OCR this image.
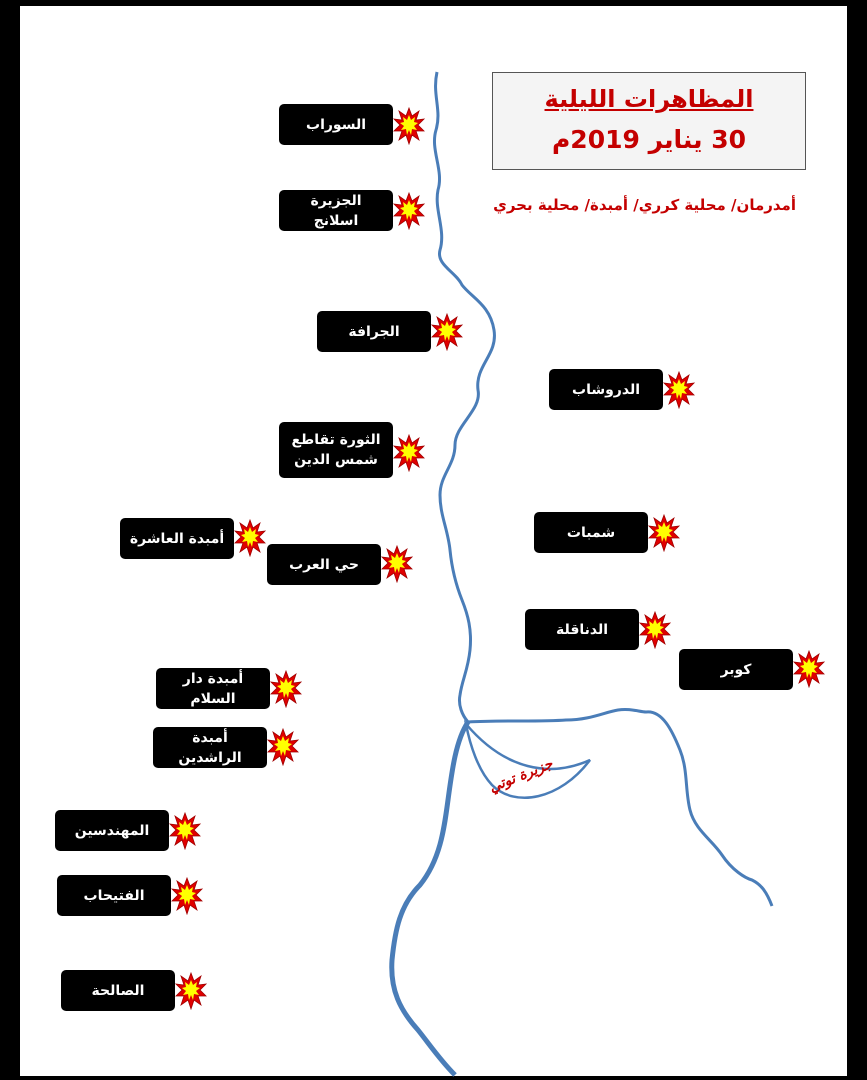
المظاهرات الليلية
30 يناير 2019م
أمدرمان/ محلية كرري/ أمبدة/ محلية بحري
جزيرة توتي
السوراب
الجزيرة اسلانج
الجرافة
الدروشاب
الثورة تقاطع
شمس الدين
شمبات
أمبدة العاشرة
حي العرب
الدناقلة
كوبر
أمبدة دار السلام
أمبدة الراشدين
المهندسين
الفتيحاب
الصالحة
